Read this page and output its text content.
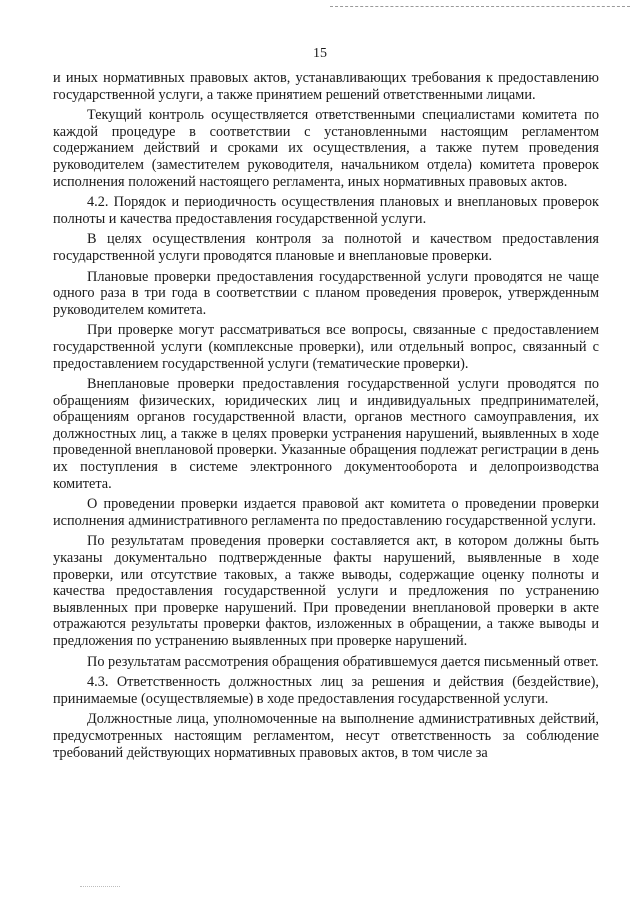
15

и иных нормативных правовых актов, устанавливающих требования к предоставлению государственной услуги, а также принятием решений ответственными лицами.

Текущий контроль осуществляется ответственными специалистами комитета по каждой процедуре в соответствии с установленными настоящим регламентом содержанием действий и сроками их осуществления, а также путем проведения руководителем (заместителем руководителя, начальником отдела) комитета проверок исполнения положений настоящего регламента, иных нормативных правовых актов.

4.2. Порядок и периодичность осуществления плановых и внеплановых проверок полноты и качества предоставления государственной услуги.

В целях осуществления контроля за полнотой и качеством предоставления государственной услуги проводятся плановые и внеплановые проверки.

Плановые проверки предоставления государственной услуги проводятся не чаще одного раза в три года в соответствии с планом проведения проверок, утвержденным руководителем комитета.

При проверке могут рассматриваться все вопросы, связанные с предоставлением государственной услуги (комплексные проверки), или отдельный вопрос, связанный с предоставлением государственной услуги (тематические проверки).

Внеплановые проверки предоставления государственной услуги проводятся по обращениям физических, юридических лиц и индивидуальных предпринимателей, обращениям органов государственной власти, органов местного самоуправления, их должностных лиц, а также в целях проверки устранения нарушений, выявленных в ходе проведенной внеплановой проверки. Указанные обращения подлежат регистрации в день их поступления в системе электронного документооборота и делопроизводства комитета.

О проведении проверки издается правовой акт комитета о проведении проверки исполнения административного регламента по предоставлению государственной услуги.

По результатам проведения проверки составляется акт, в котором должны быть указаны документально подтвержденные факты нарушений, выявленные в ходе проверки, или отсутствие таковых, а также выводы, содержащие оценку полноты и качества предоставления государственной услуги и предложения по устранению выявленных при проверке нарушений. При проведении внеплановой проверки в акте отражаются результаты проверки фактов, изложенных в обращении, а также выводы и предложения по устранению выявленных при проверке нарушений.

По результатам рассмотрения обращения обратившемуся дается письменный ответ.

4.3. Ответственность должностных лиц за решения и действия (бездействие), принимаемые (осуществляемые) в ходе предоставления государственной услуги.

Должностные лица, уполномоченные на выполнение административных действий, предусмотренных настоящим регламентом, несут ответственность за соблюдение требований действующих нормативных правовых актов, в том числе за
